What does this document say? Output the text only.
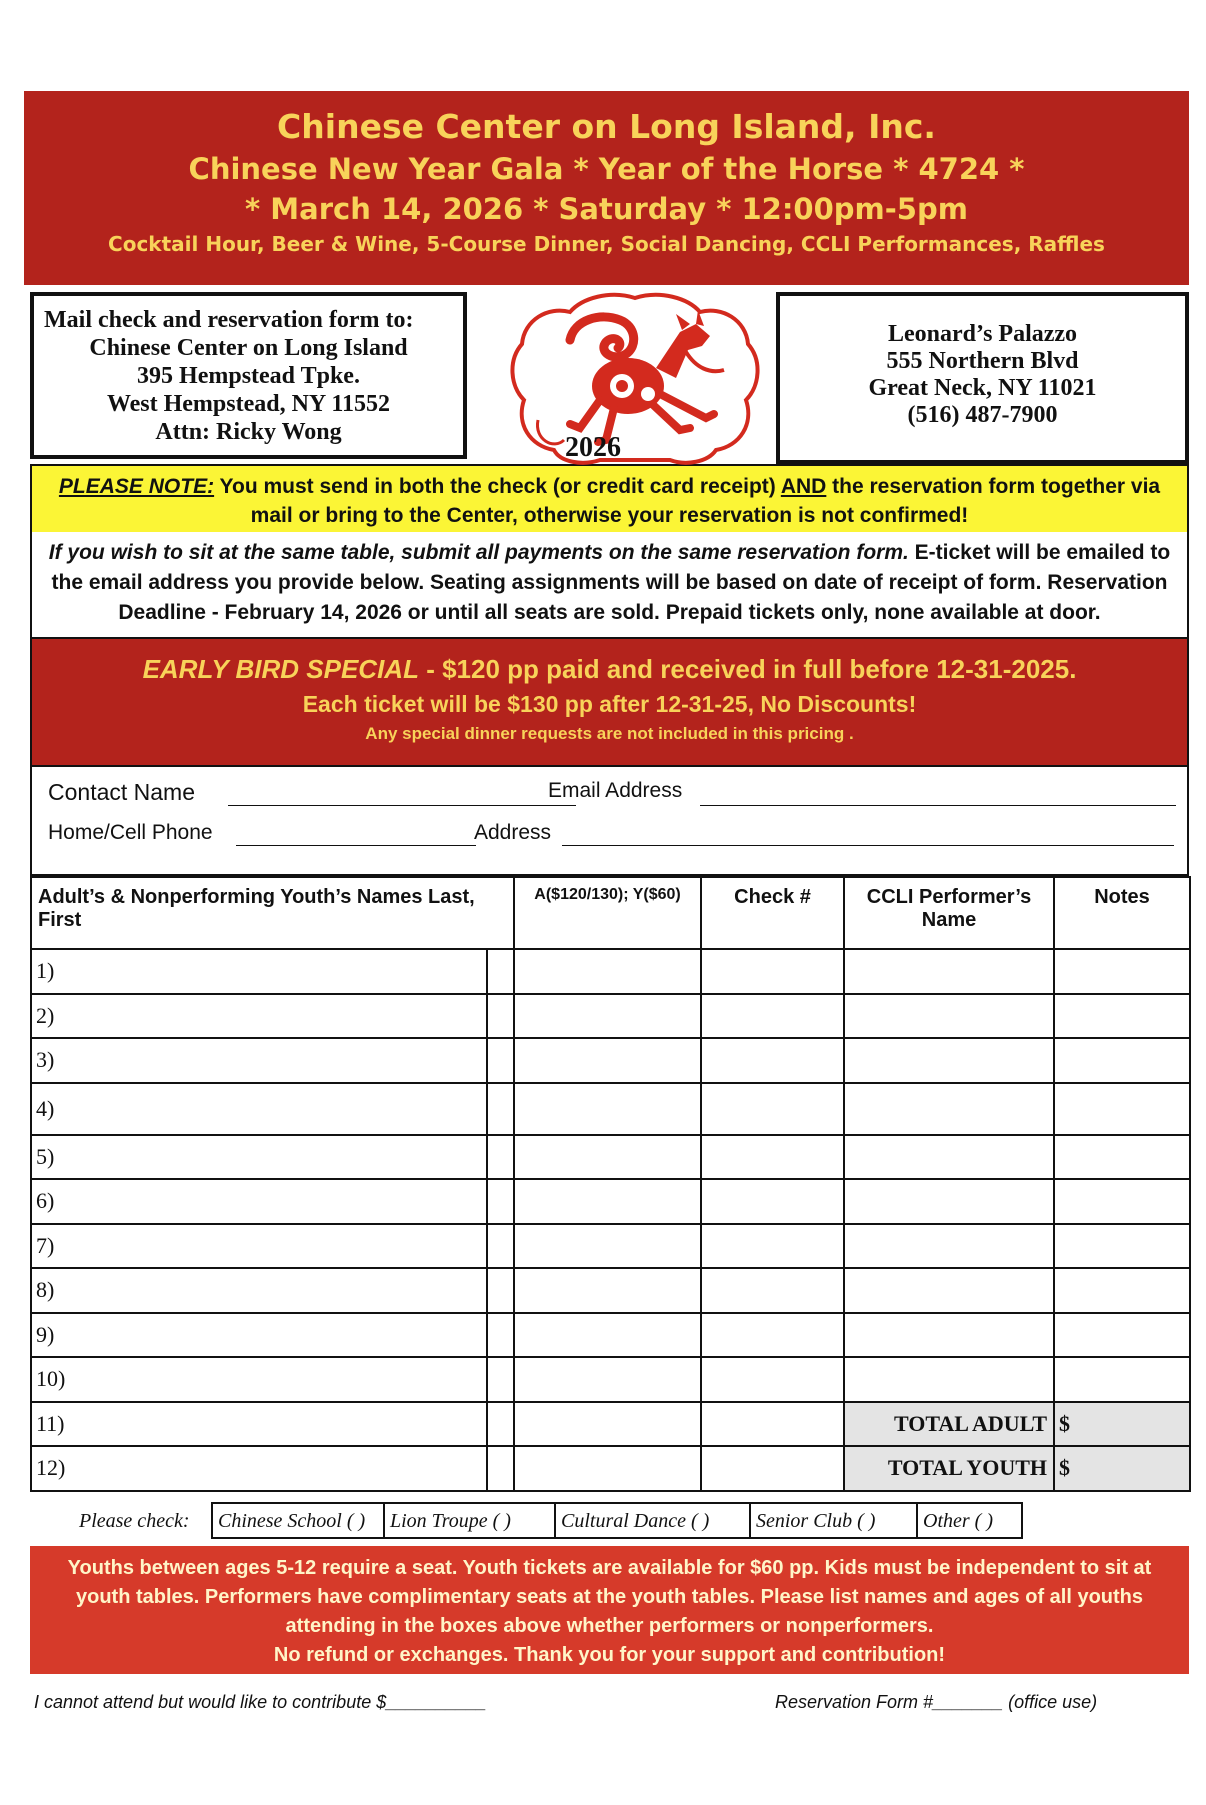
Chinese Center on Long Island, Inc.
Chinese New Year Gala * Year of the Horse * 4724 *
* March 14, 2026 * Saturday * 12:00pm-5pm
Cocktail Hour, Beer & Wine, 5-Course Dinner, Social Dancing, CCLI Performances, Raffles
Mail check and reservation form to:
Chinese Center on Long Island
395 Hempstead Tpke.
West Hempstead, NY 11552
Attn: Ricky Wong	2026
Leonard’s Palazzo
555 Northern Blvd
Great Neck, NY 11021
(516) 487-7900
PLEASE NOTE: You must send in both the check (or credit card receipt) AND the reservation form together via mail or bring to the Center, otherwise your reservation is not confirmed!
If you wish to sit at the same table, submit all payments on the same reservation form. E-ticket will be emailed to the email address you provide below. Seating assignments will be based on date of receipt of form. Reservation Deadline - February 14, 2026 or until all seats are sold. Prepaid tickets only, none available at door.
EARLY BIRD SPECIAL - $120 pp paid and received in full before 12-31-2025.
Each ticket will be $130 pp after 12-31-25, No Discounts!
Any special dinner requests are not included in this pricing .
Contact Name	Email Address
Home/Cell Phone	Address
Adult’s & Nonperforming Youth’s Names Last, First		A($120/130); Y($60)	Check #	CCLI Performer’s Name	Notes
1)					
2)					
3)					
4)					
5)					
6)					
7)					
8)					
9)					
10)					
11)				TOTAL ADULT	$
12)				TOTAL YOUTH	$
Please check:	Chinese School ( )	Lion Troupe ( )	Cultural Dance ( )	Senior Club ( )	Other ( )
Youths between ages 5-12 require a seat. Youth tickets are available for $60 pp. Kids must be independent to sit at youth tables. Performers have complimentary seats at the youth tables. Please list names and ages of all youths attending in the boxes above whether performers or nonperformers.
No refund or exchanges. Thank you for your support and contribution!
I cannot attend but would like to contribute $__________	Reservation Form #_______ (office use)
